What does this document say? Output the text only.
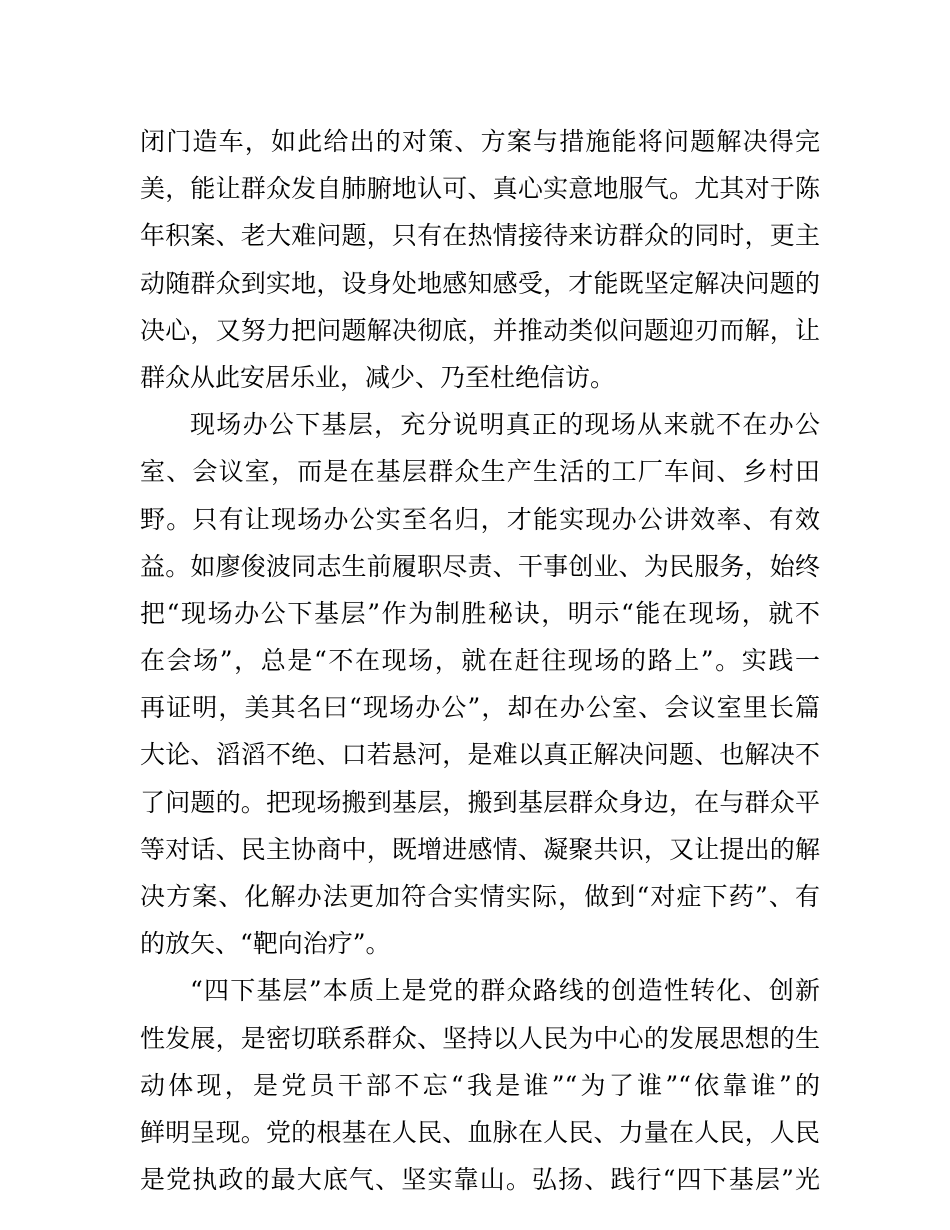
闭门造车，如此给出的对策、方案与措施能将问题解决得完
美，能让群众发自肺腑地认可、真心实意地服气。尤其对于陈
年积案、老大难问题，只有在热情接待来访群众的同时，更主
动随群众到实地，设身处地感知感受，才能既坚定解决问题的
决心，又努力把问题解决彻底，并推动类似问题迎刃而解，让
群众从此安居乐业，减少、乃至杜绝信访。
现场办公下基层，充分说明真正的现场从来就不在办公
室、会议室，而是在基层群众生产生活的工厂车间、乡村田
野。只有让现场办公实至名归，才能实现办公讲效率、有效
益。如廖俊波同志生前履职尽责、干事创业、为民服务，始终
把“现场办公下基层”作为制胜秘诀，明示“能在现场，就不
在会场”，总是“不在现场，就在赶往现场的路上”。实践一
再证明，美其名曰“现场办公”，却在办公室、会议室里长篇
大论、滔滔不绝、口若悬河，是难以真正解决问题、也解决不
了问题的。把现场搬到基层，搬到基层群众身边，在与群众平
等对话、民主协商中，既增进感情、凝聚共识，又让提出的解
决方案、化解办法更加符合实情实际，做到“对症下药”、有
的放矢、“靶向治疗”。
“四下基层”本质上是党的群众路线的创造性转化、创新
性发展，是密切联系群众、坚持以人民为中心的发展思想的生
动体现，是党员干部不忘“我是谁”“为了谁”“依靠谁”的
鲜明呈现。党的根基在人民、血脉在人民、力量在人民，人民
是党执政的最大底气、坚实靠山。弘扬、践行“四下基层”光
